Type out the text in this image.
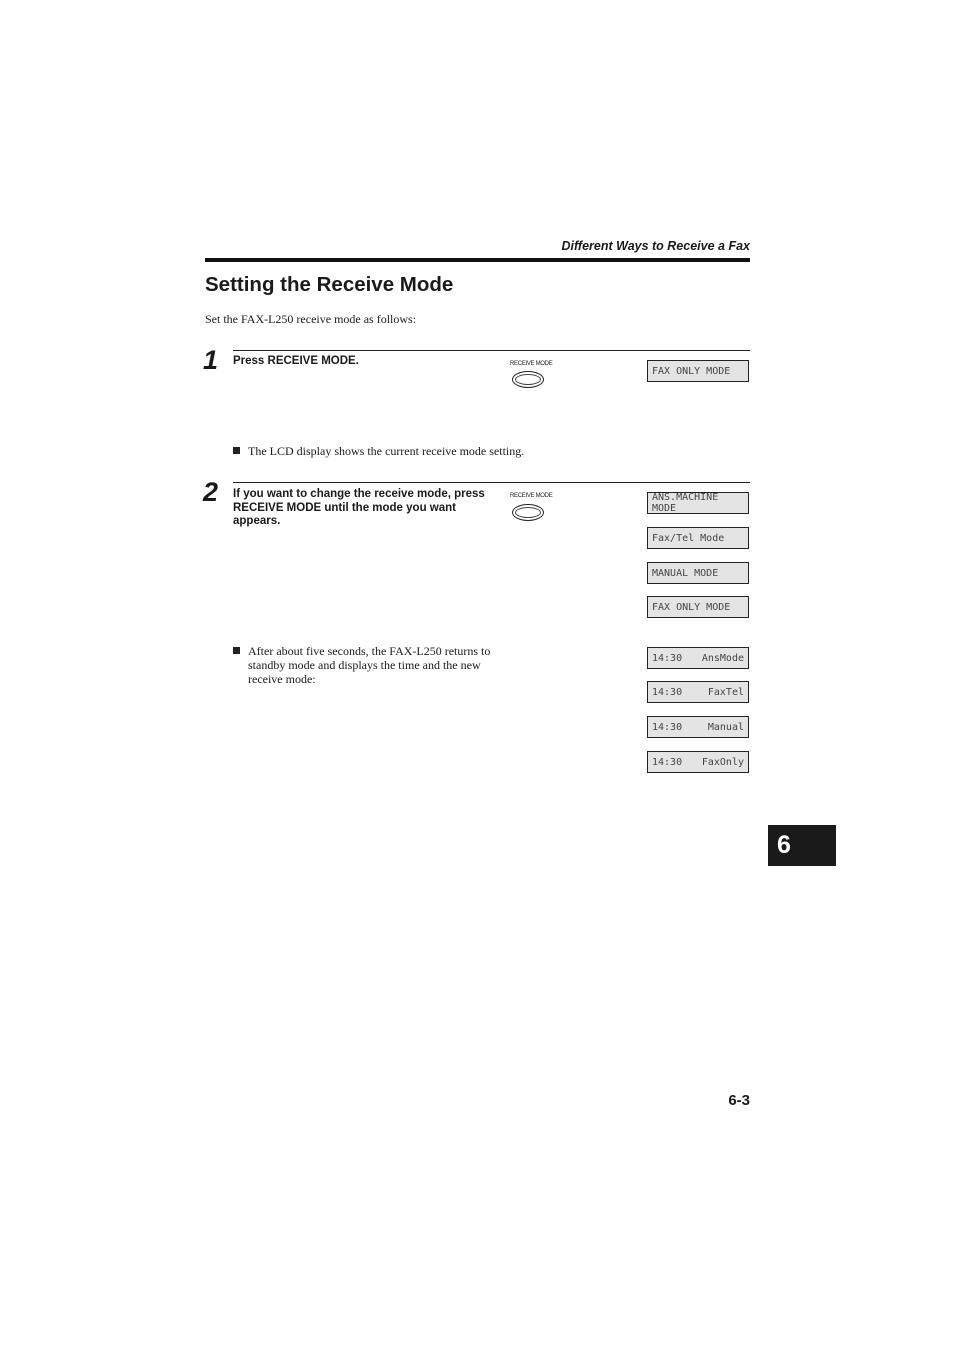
Different Ways to Receive a Fax
Setting the Receive Mode
Set the FAX-L250 receive mode as follows:
1 Press RECEIVE MODE.	RECEIVE MODE
FAX ONLY MODE
The LCD display shows the current receive mode setting.
2 If you want to change the receive mode, press RECEIVE MODE until the mode you want appears.
RECEIVE MODE	ANS.MACHINE MODE
Fax/Tel Mode
MANUAL MODE
FAX ONLY MODE
After about five seconds, the FAX-L250 returns to standby mode and displays the time and the new receive mode:
14:30 AnsMode
14:30	FaxTel
14:30	Manual
14:30 FaxOnly
6
6-3
